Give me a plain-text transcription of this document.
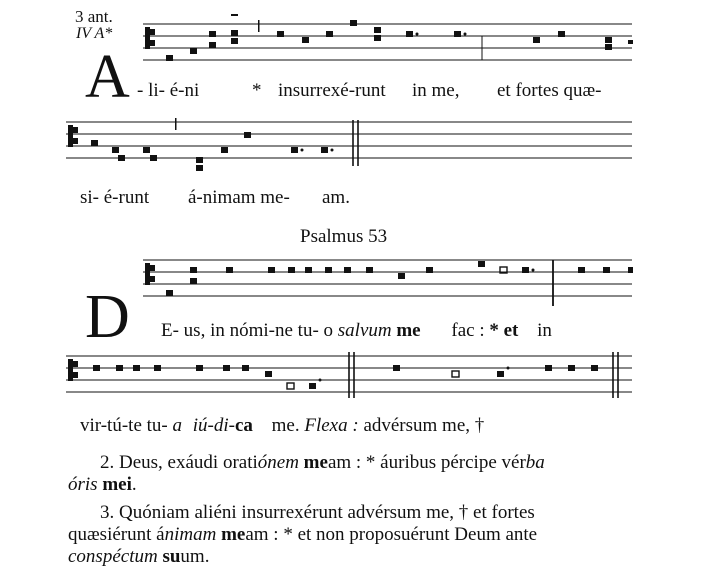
3 ant.
IV A*
A - li- é-ni	* insurrexé-runt in me, et fortes quæ-
si- é-runt á-nimam me- am.
Psalmus 53
D E- us, in nómi-ne tu- o salvum me fac : * et in
vir-tú-te tu- a iú-di-ca me. Flexa : advérsum me, †
2. Deus, exáudi oratiónem meam : * áuribus pércipe vérba
óris mei.
3. Quóniam aliéni insurrexérunt advérsum me, † et fortes
quæsiérunt ánimam meam : * et non proposuérunt Deum ante
conspéctum suum.
